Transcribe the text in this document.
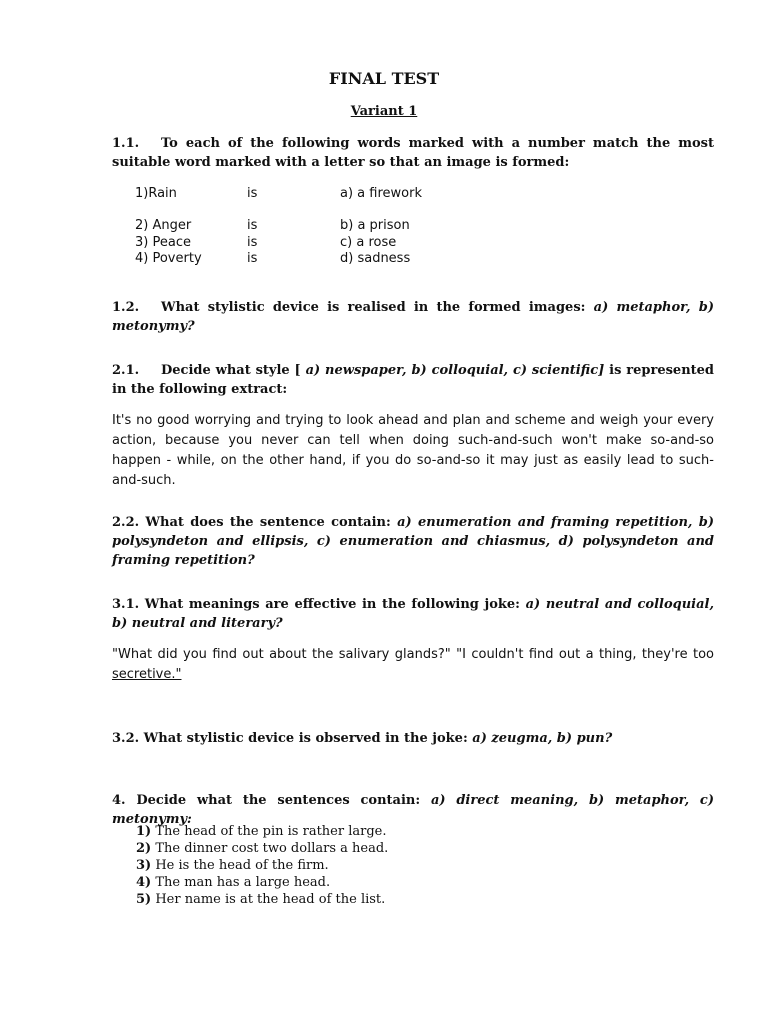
FINAL TEST
Variant 1
1.1. To each of the following words marked with a number match the most suitable word marked with a letter so that an image is formed:
1)Rain	is	a) a firework
2) Anger	is	b) a prison
3) Peace	is	c) a rose
4) Poverty	is	d) sadness
1.2. What stylistic device is realised in the formed images: a) metaphor, b) metonymy?
2.1. Decide what style [ a) newspaper, b) colloquial, c) scientific] is represented in the following extract:
It's no good worrying and trying to look ahead and plan and scheme and weigh your every action, because you never can tell when doing such-and-such won't make so-and-so happen - while, on the other hand, if you do so-and-so it may just as easily lead to such-and-such.
2.2. What does the sentence contain: a) enumeration and framing repetition, b) polysyndeton and ellipsis, c) enumeration and chiasmus, d) polysyndeton and framing repetition?
3.1. What meanings are effective in the following joke: a) neutral and colloquial, b) neutral and literary?
"What did you find out about the salivary glands?" "I couldn't find out a thing, they're too secretive."
3.2. What stylistic device is observed in the joke: a) zeugma, b) pun?
4. Decide what the sentences contain: a) direct meaning, b) metaphor, c) metonymy:
1) The head of the pin is rather large.
2) The dinner cost two dollars a head.
3) He is the head of the firm.
4) The man has a large head.
5) Her name is at the head of the list.
